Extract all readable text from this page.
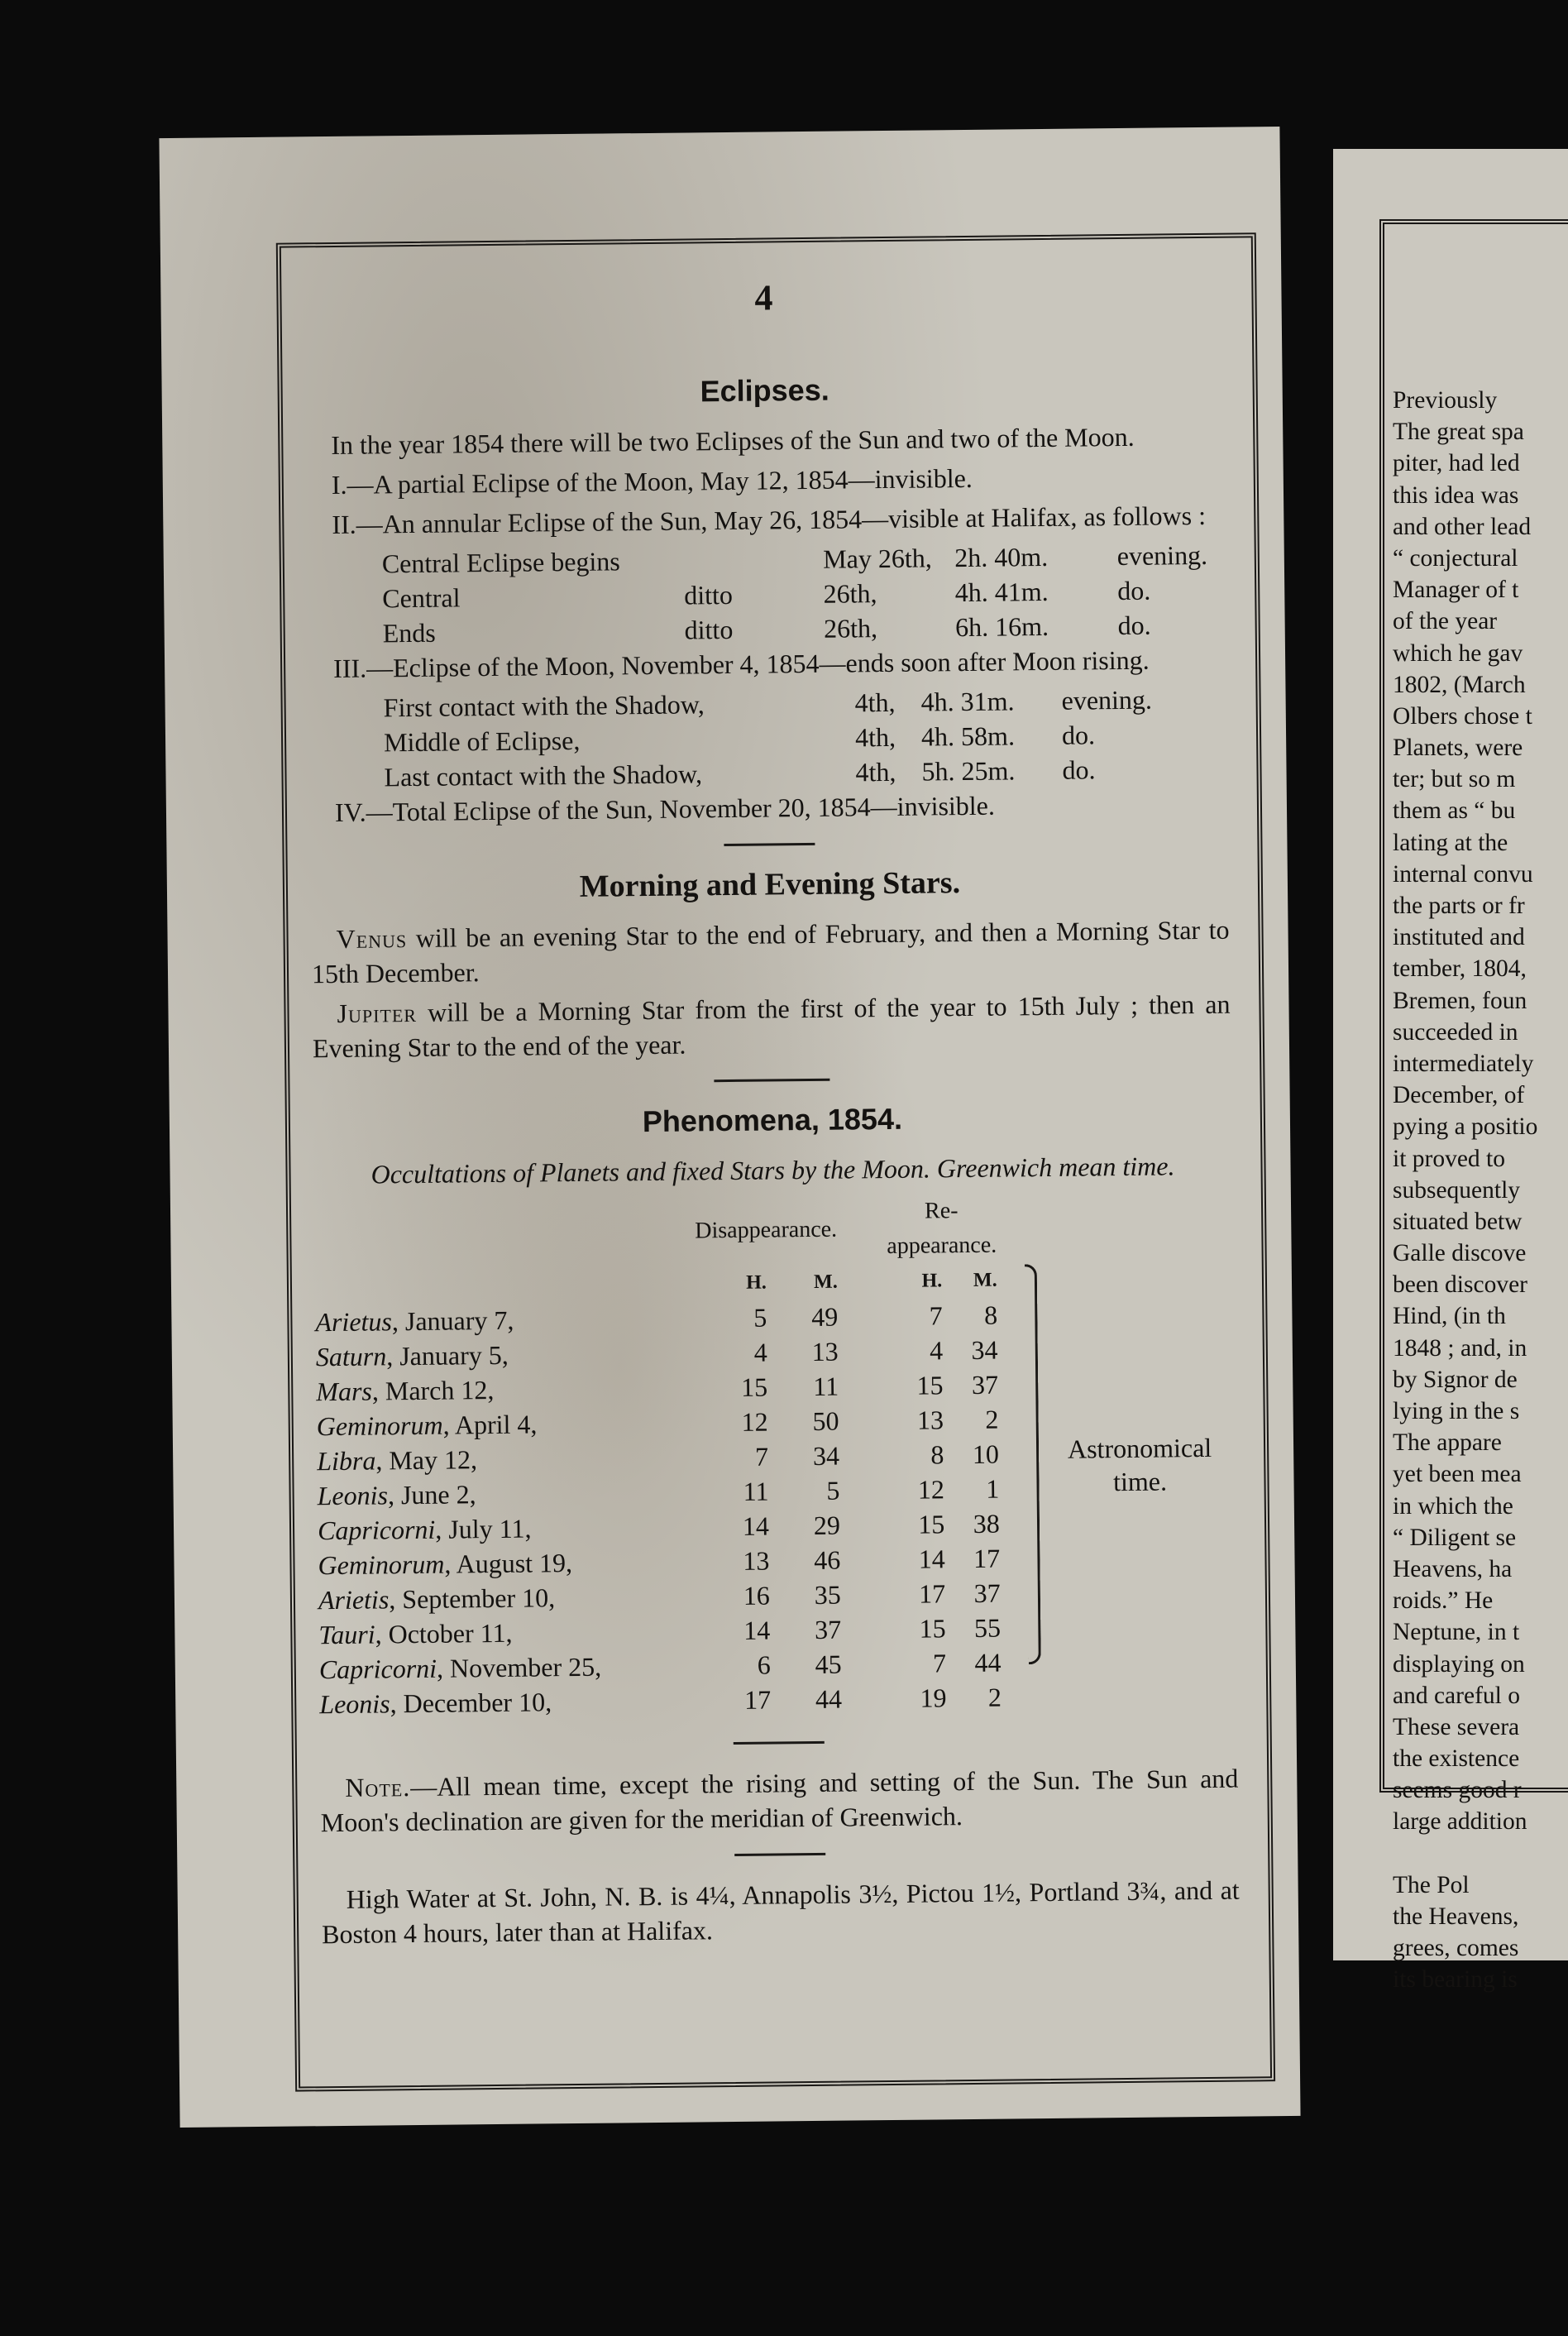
4
Eclipses.

In the year 1854 there will be two Eclipses of the Sun and two of the Moon.

I.—A partial Eclipse of the Moon, May 12, 1854—invisible.

II.—An annular Eclipse of the Sun, May 26, 1854—visible at Halifax, as follows :

Central Eclipse begins	May 26th, 2h. 40m.	evening.
Central	ditto	26th,	4h. 41m.	do.
Ends	ditto	26th,	6h. 16m.	do.

III.—Eclipse of the Moon, November 4, 1854—ends soon after Moon rising.

First contact with the Shadow,	4th, 4h. 31m.	evening.
Middle of Eclipse,	4th, 4h. 58m.	do.
Last contact with the Shadow,	4th, 5h. 25m.	do.

IV.—Total Eclipse of the Sun, November 20, 1854—invisible.

Morning and Evening Stars.

Venus will be an evening Star to the end of February, and then a Morning Star to 15th December.

Jupiter will be a Morning Star from the first of the year to 15th July ; then an Evening Star to the end of the year.

Phenomena, 1854.
Occultations of Planets and fixed Stars by the Moon. Greenwich mean time.
	Disappearance.			Re-appearance.	
	H.	M.		H.	M.
Arietus, January 7,	5	49		7	8
Saturn, January 5,	4	13		4	34
Mars, March 12,	15	11		15	37
Geminorum, April 4,	12	50		13	2
Libra, May 12,	7	34		8	10
Leonis, June 2,	11	5		12	1
Capricorni, July 11,	14	29		15	38
Geminorum, August 19,	13	46		14	17
Arietis, September 10,	16	35		17	37
Tauri, October 11,	14	37		15	55
Capricorni, November 25,	6	45		7	44
Leonis, December 10,	17	44		19	2
Astronomical time.

Note.—All mean time, except the rising and setting of the Sun. The Sun and Moon's declination are given for the meridian of Greenwich.

High Water at St. John, N. B. is 4¼, Annapolis 3½, Pictou 1½, Portland 3¾, and at Boston 4 hours, later than at Halifax.

Previously
The great spa
piter, had led
this idea was
and other lead
“ conjectural
Manager of t
of the year
which he gav
1802, (March
Olbers chose t
Planets, were
ter; but so m
them as “ bu
lating at the
internal convu
the parts or fr
instituted and
tember, 1804,
Bremen, foun
succeeded in
intermediately
December, of
pying a positio
it proved to
subsequently
situated betw
Galle discove
been discover
Hind, (in th
1848 ; and, in
by Signor de
lying in the s
The appare
yet been mea
in which the
“ Diligent se
Heavens, ha
roids.” He
Neptune, in t
displaying on
and careful o
These severa
the existence
seems good r
large addition
The Pol
the Heavens,
grees, comes
its bearing is
